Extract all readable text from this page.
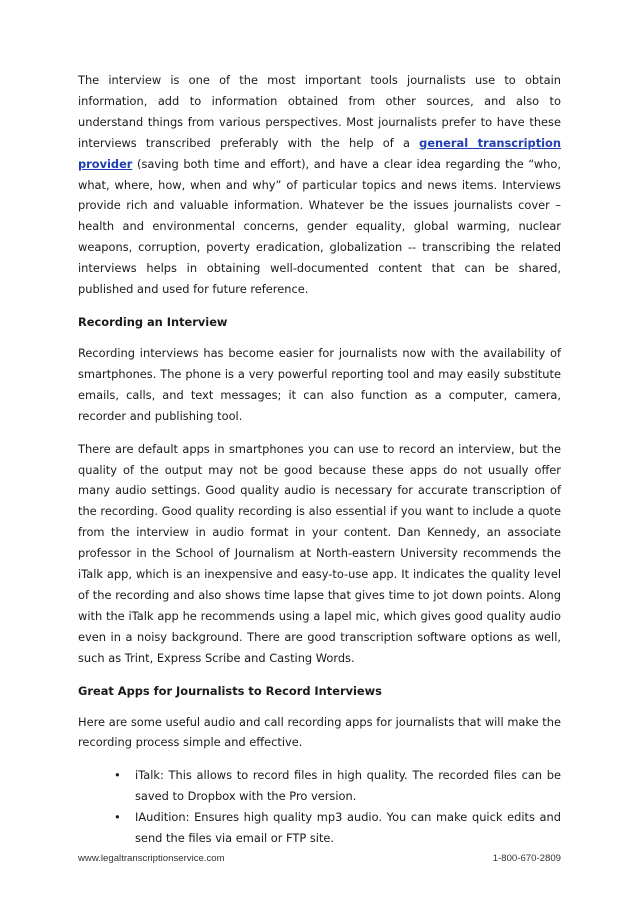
The interview is one of the most important tools journalists use to obtain information, add to information obtained from other sources, and also to understand things from various perspectives. Most journalists prefer to have these interviews transcribed preferably with the help of a general transcription provider (saving both time and effort), and have a clear idea regarding the “who, what, where, how, when and why” of particular topics and news items. Interviews provide rich and valuable information. Whatever be the issues journalists cover – health and environmental concerns, gender equality, global warming, nuclear weapons, corruption, poverty eradication, globalization -- transcribing the related interviews helps in obtaining well-documented content that can be shared, published and used for future reference.

Recording an Interview

Recording interviews has become easier for journalists now with the availability of smartphones. The phone is a very powerful reporting tool and may easily substitute emails, calls, and text messages; it can also function as a computer, camera, recorder and publishing tool.

There are default apps in smartphones you can use to record an interview, but the quality of the output may not be good because these apps do not usually offer many audio settings. Good quality audio is necessary for accurate transcription of the recording. Good quality recording is also essential if you want to include a quote from the interview in audio format in your content. Dan Kennedy, an associate professor in the School of Journalism at North-eastern University recommends the iTalk app, which is an inexpensive and easy-to-use app. It indicates the quality level of the recording and also shows time lapse that gives time to jot down points. Along with the iTalk app he recommends using a lapel mic, which gives good quality audio even in a noisy background. There are good transcription software options as well, such as Trint, Express Scribe and Casting Words.

Great Apps for Journalists to Record Interviews

Here are some useful audio and call recording apps for journalists that will make the recording process simple and effective.

• iTalk: This allows to record files in high quality. The recorded files can be saved to Dropbox with the Pro version.
• IAudition: Ensures high quality mp3 audio. You can make quick edits and send the files via email or FTP site.
www.legaltranscriptionservice.com	1-800-670-2809
